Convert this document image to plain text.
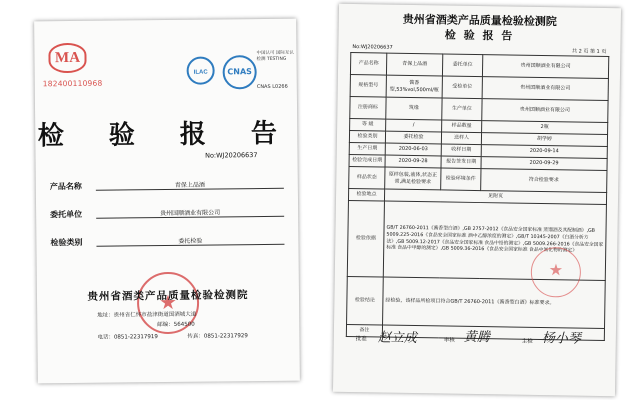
MA
182400110968
ILAC	CNAS
中国认可 国际互认 检测 TESTING
CNAS L0266
检 验 报 告
No:WJ20206637
产品名称	青保上品酒
委托单位	贵州国顺酒业有限公司
检验类别	委托检验
★
贵州省酒类产品质量检验检测院
地址：贵州省仁怀市盐津街道国酒城大道
邮编：564500
电话：0851-22317919	传真：0851-22317929
贵州省酒类产品质量检验检测院
检 验 报 告
No:WJ20206637
共 2 页 第 1 页
产品名称	青保上品酒	委托单位	贵州国顺酒业有限公司
规格型号	酱香型,53%vol,500ml/瓶	受检单位	贵州国顺酒业有限公司
注册商标	筑缘	生产单位	贵州国顺酒业有限公司
等 级	/	样品数量	2瓶
检验类别	委托检验	送样人	胡学婷
生产日期	2020-06-03	收样日期	2020-09-14
检验完成日期	2020-09-28	报告签发日期	2020-09-29
样品状态	原样包装,液体,状态正常,满足检验要求	检验环境条件	符合检验要求
检验地点	见附页		
检验依据	GB/T 26760-2011《酱香型白酒》,GB 2757-2012《食品安全国家标准 蒸馏酒及其配制酒》,GB 5009.225-2016《食品安全国家标准 酒中乙醇浓度的测定》,GB/T 10345-2007《白酒分析方法》,GB 5009.12-2017《食品安全国家标准 食品中铅的测定》,GB 5009.266-2016《食品安全国家标准 食品中甲醇的测定》,GB 5009.36-2016《食品安全国家标准 食品中氰化物的测定》		
检验结论	经检验，该样品所检项目符合GB/T 26760-2011《酱香型白酒》标准要求。		
备注			
★
批准 赵立成	审核 黄腾	主检 杨小琴
